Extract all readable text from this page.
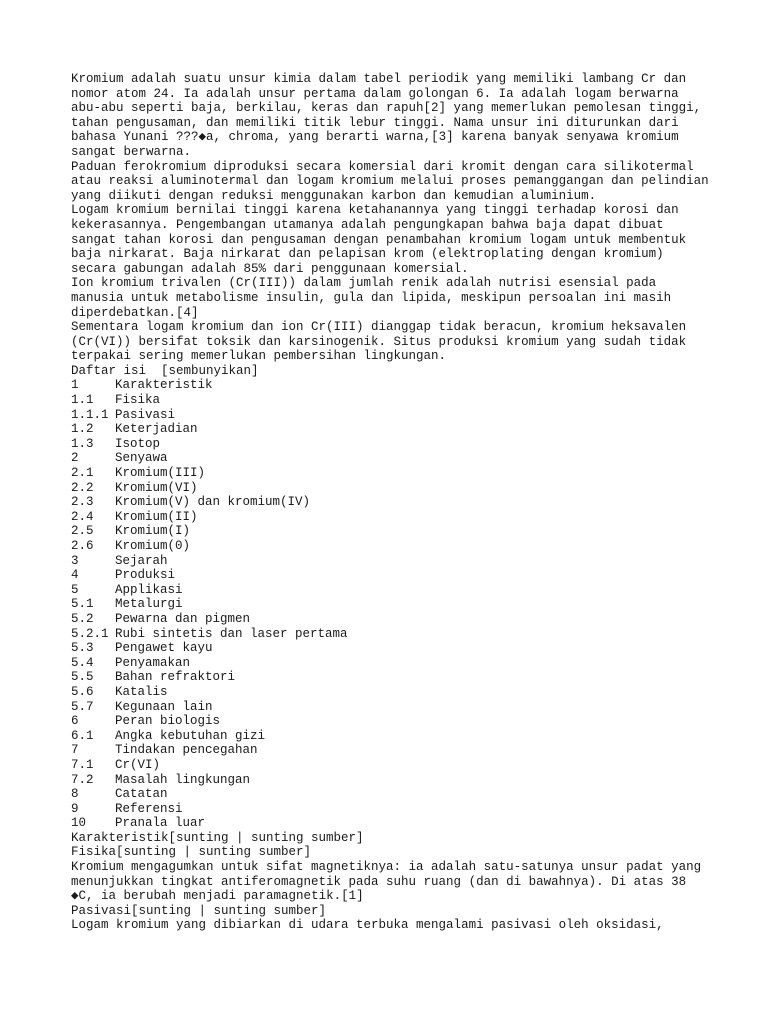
Kromium adalah suatu unsur kimia dalam tabel periodik yang memiliki lambang Cr dan nomor atom 24. Ia adalah unsur pertama dalam golongan 6. Ia adalah logam berwarna abu-abu seperti baja, berkilau, keras dan rapuh[2] yang memerlukan pemolesan tinggi, tahan pengusaman, dan memiliki titik lebur tinggi. Nama unsur ini diturunkan dari bahasa Yunani ???◆a, chroma, yang berarti warna,[3] karena banyak senyawa kromium sangat berwarna.

Paduan ferokromium diproduksi secara komersial dari kromit dengan cara silikotermal atau reaksi aluminotermal dan logam kromium melalui proses pemanggangan dan pelindian yang diikuti dengan reduksi menggunakan karbon dan kemudian aluminium.

Logam kromium bernilai tinggi karena ketahanannya yang tinggi terhadap korosi dan kekerasannya. Pengembangan utamanya adalah pengungkapan bahwa baja dapat dibuat sangat tahan korosi dan pengusaman dengan penambahan kromium logam untuk membentuk baja nirkarat. Baja nirkarat dan pelapisan krom (elektroplating dengan kromium) secara gabungan adalah 85% dari penggunaan komersial.

Ion kromium trivalen (Cr(III)) dalam jumlah renik adalah nutrisi esensial pada manusia untuk metabolisme insulin, gula dan lipida, meskipun persoalan ini masih diperdebatkan.[4]

Sementara logam kromium dan ion Cr(III) dianggap tidak beracun, kromium heksavalen (Cr(VI)) bersifat toksik dan karsinogenik. Situs produksi kromium yang sudah tidak terpakai sering memerlukan pembersihan lingkungan.

Daftar isi  [sembunyikan]
1	Karakteristik
1.1	Fisika
1.1.1 Pasivasi
1.2	Keterjadian
1.3	Isotop
2	Senyawa
2.1	Kromium(III)
2.2	Kromium(VI)
2.3	Kromium(V) dan kromium(IV)
2.4	Kromium(II)
2.5	Kromium(I)
2.6	Kromium(0)
3	Sejarah
4	Produksi
5	Applikasi
5.1	Metalurgi
5.2	Pewarna dan pigmen
5.2.1 Rubi sintetis dan laser pertama
5.3	Pengawet kayu
5.4	Penyamakan
5.5	Bahan refraktori
5.6	Katalis
5.7	Kegunaan lain
6	Peran biologis
6.1	Angka kebutuhan gizi
7	Tindakan pencegahan
7.1	Cr(VI)
7.2	Masalah lingkungan
8	Catatan
9	Referensi
10	Pranala luar
Karakteristik[sunting | sunting sumber]
Fisika[sunting | sunting sumber]

Kromium mengagumkan untuk sifat magnetiknya: ia adalah satu-satunya unsur padat yang menunjukkan tingkat antiferomagnetik pada suhu ruang (dan di bawahnya). Di atas 38 ◆C, ia berubah menjadi paramagnetik.[1]

Pasivasi[sunting | sunting sumber]

Logam kromium yang dibiarkan di udara terbuka mengalami pasivasi oleh oksidasi,
